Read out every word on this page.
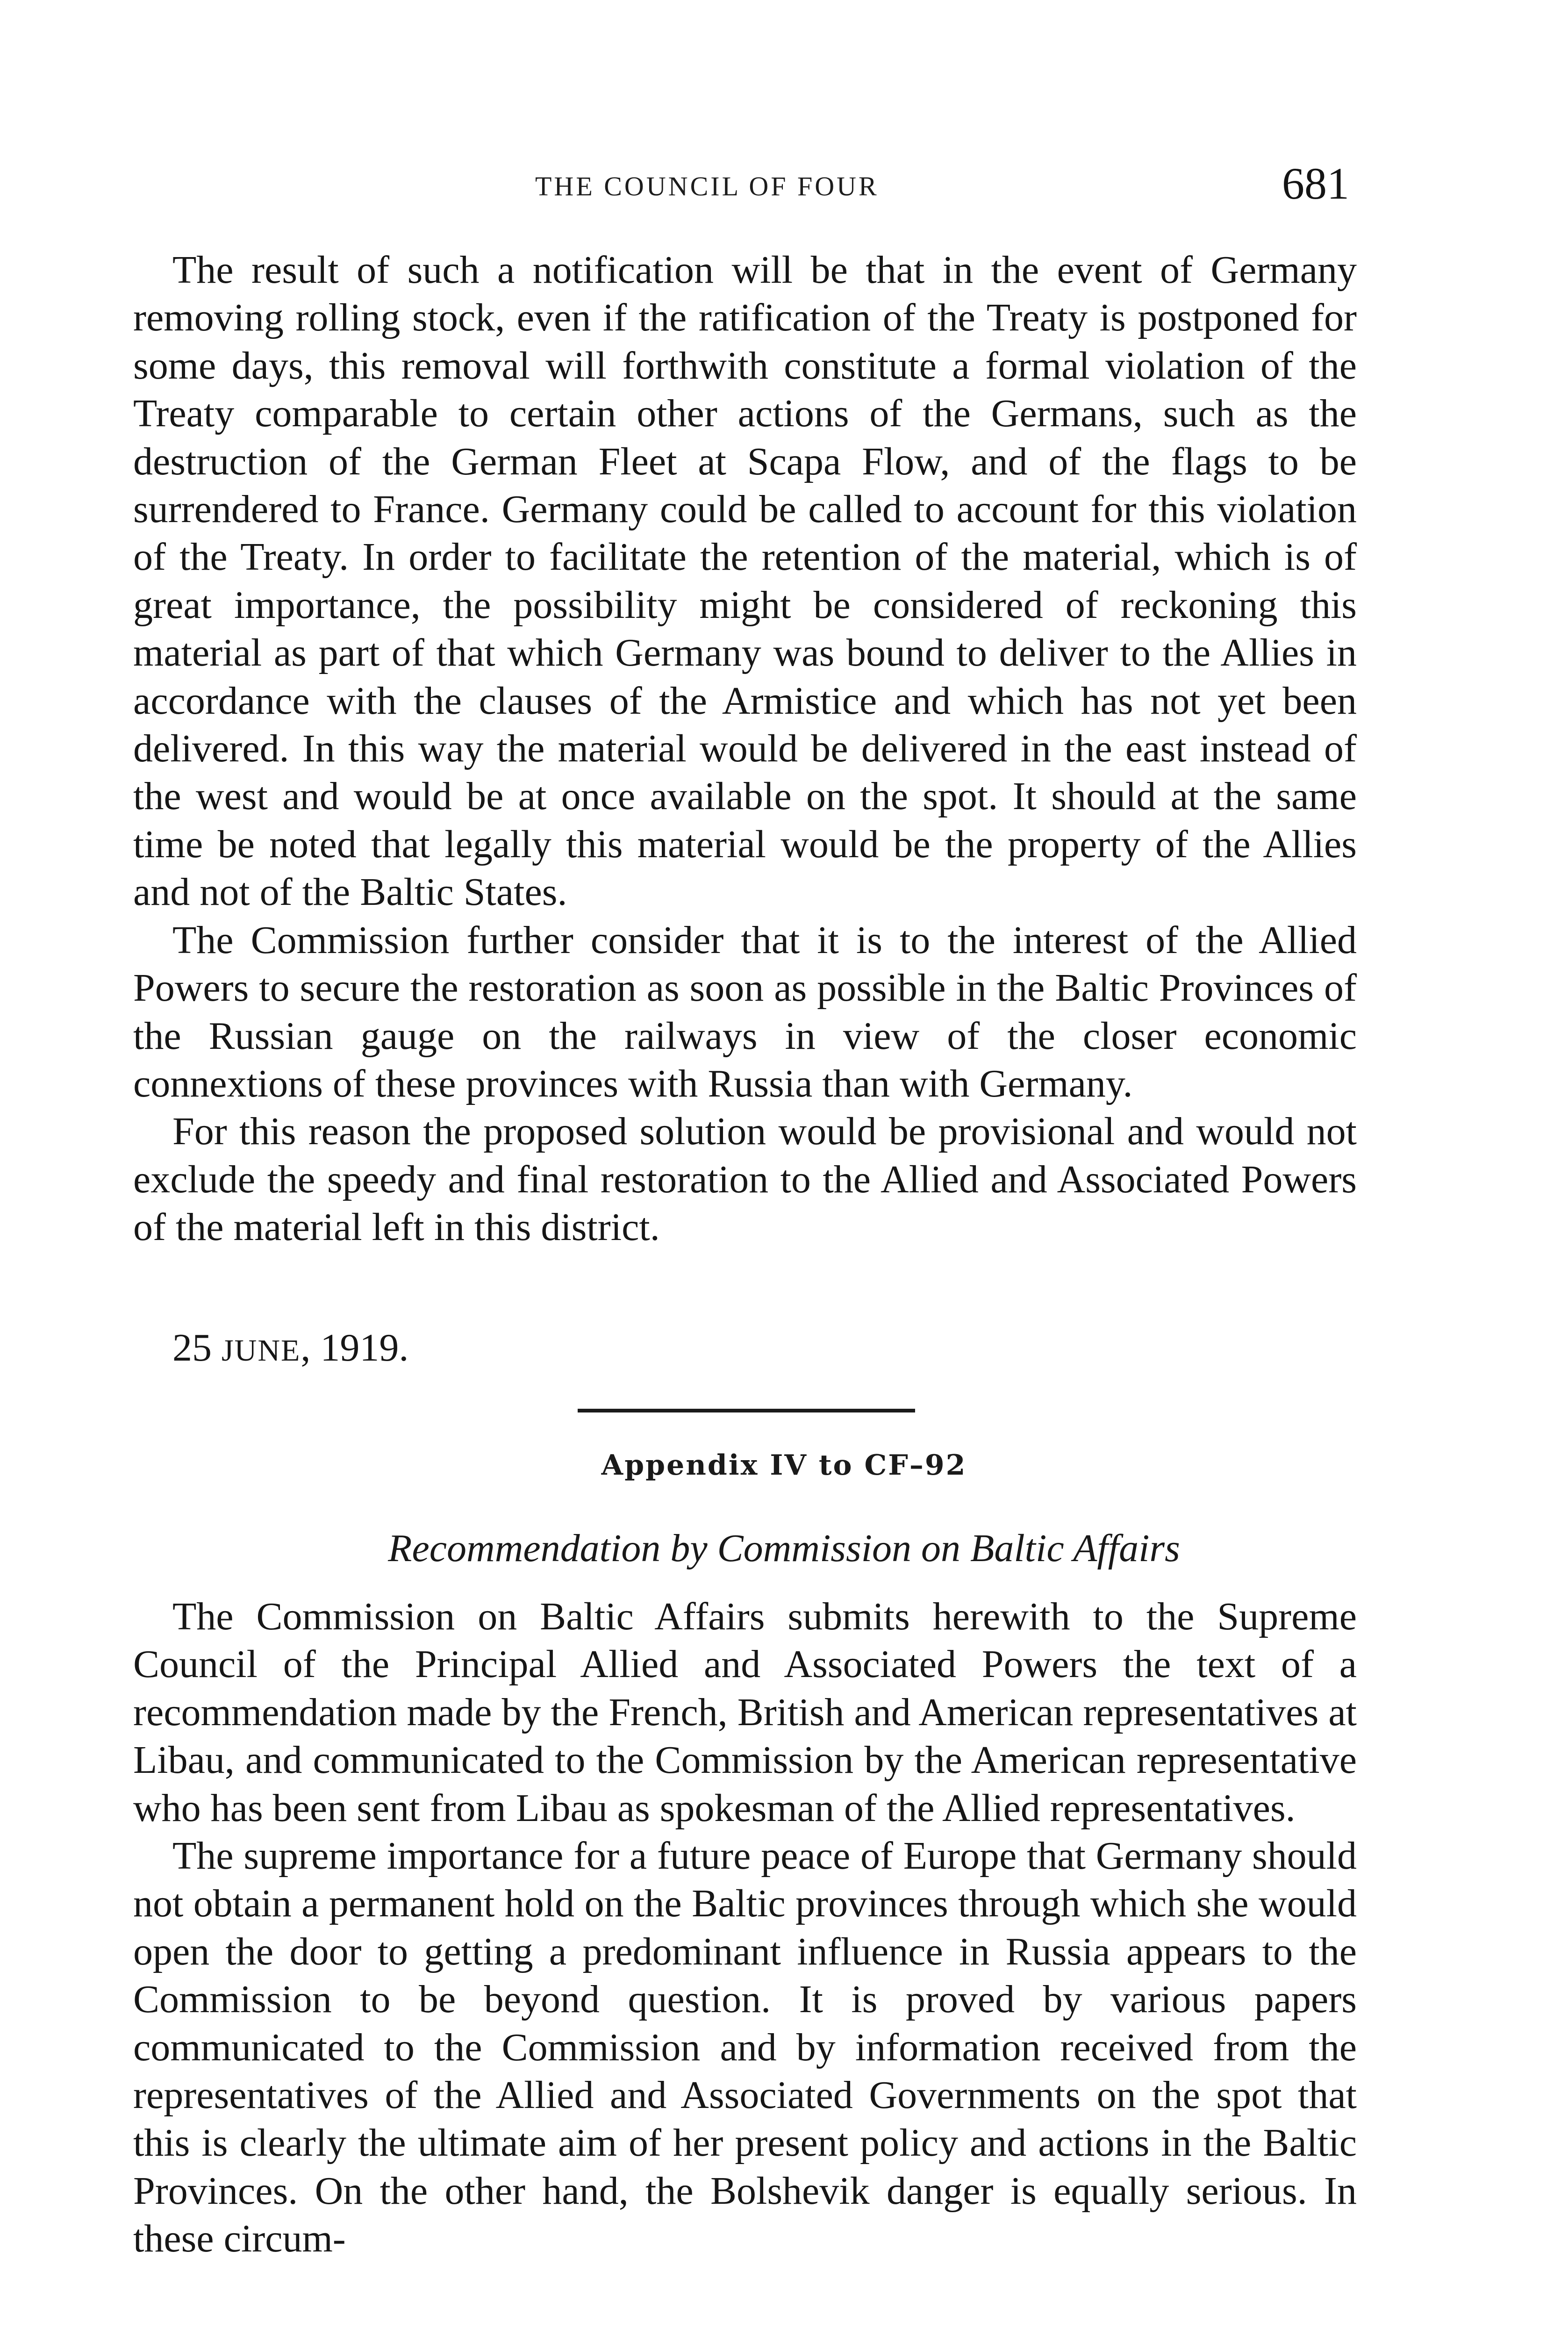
THE COUNCIL OF FOUR	681

The result of such a notification will be that in the event of Germany removing rolling stock, even if the ratification of the Treaty is postponed for some days, this removal will forthwith constitute a formal violation of the Treaty comparable to certain other actions of the Germans, such as the destruction of the German Fleet at Scapa Flow, and of the flags to be surrendered to France. Germany could be called to account for this violation of the Treaty. In order to facilitate the retention of the material, which is of great importance, the possibility might be considered of reckoning this material as part of that which Germany was bound to deliver to the Allies in accordance with the clauses of the Armistice and which has not yet been delivered. In this way the material would be delivered in the east instead of the west and would be at once available on the spot. It should at the same time be noted that legally this material would be the property of the Allies and not of the Baltic States.

The Commission further consider that it is to the interest of the Allied Powers to secure the restoration as soon as possible in the Baltic Provinces of the Russian gauge on the railways in view of the closer economic connextions of these provinces with Russia than with Germany.

For this reason the proposed solution would be provisional and would not exclude the speedy and final restoration to the Allied and Associated Powers of the material left in this district.

25 JUNE, 1919.
Appendix IV to CF–92
Recommendation by Commission on Baltic Affairs

The Commission on Baltic Affairs submits herewith to the Supreme Council of the Principal Allied and Associated Powers the text of a recommendation made by the French, British and American representatives at Libau, and communicated to the Commission by the American representative who has been sent from Libau as spokesman of the Allied representatives.

The supreme importance for a future peace of Europe that Germany should not obtain a permanent hold on the Baltic provinces through which she would open the door to getting a predominant influence in Russia appears to the Commission to be beyond question. It is proved by various papers communicated to the Commission and by information received from the representatives of the Allied and Associated Governments on the spot that this is clearly the ultimate aim of her present policy and actions in the Baltic Provinces. On the other hand, the Bolshevik danger is equally serious. In these circum-
